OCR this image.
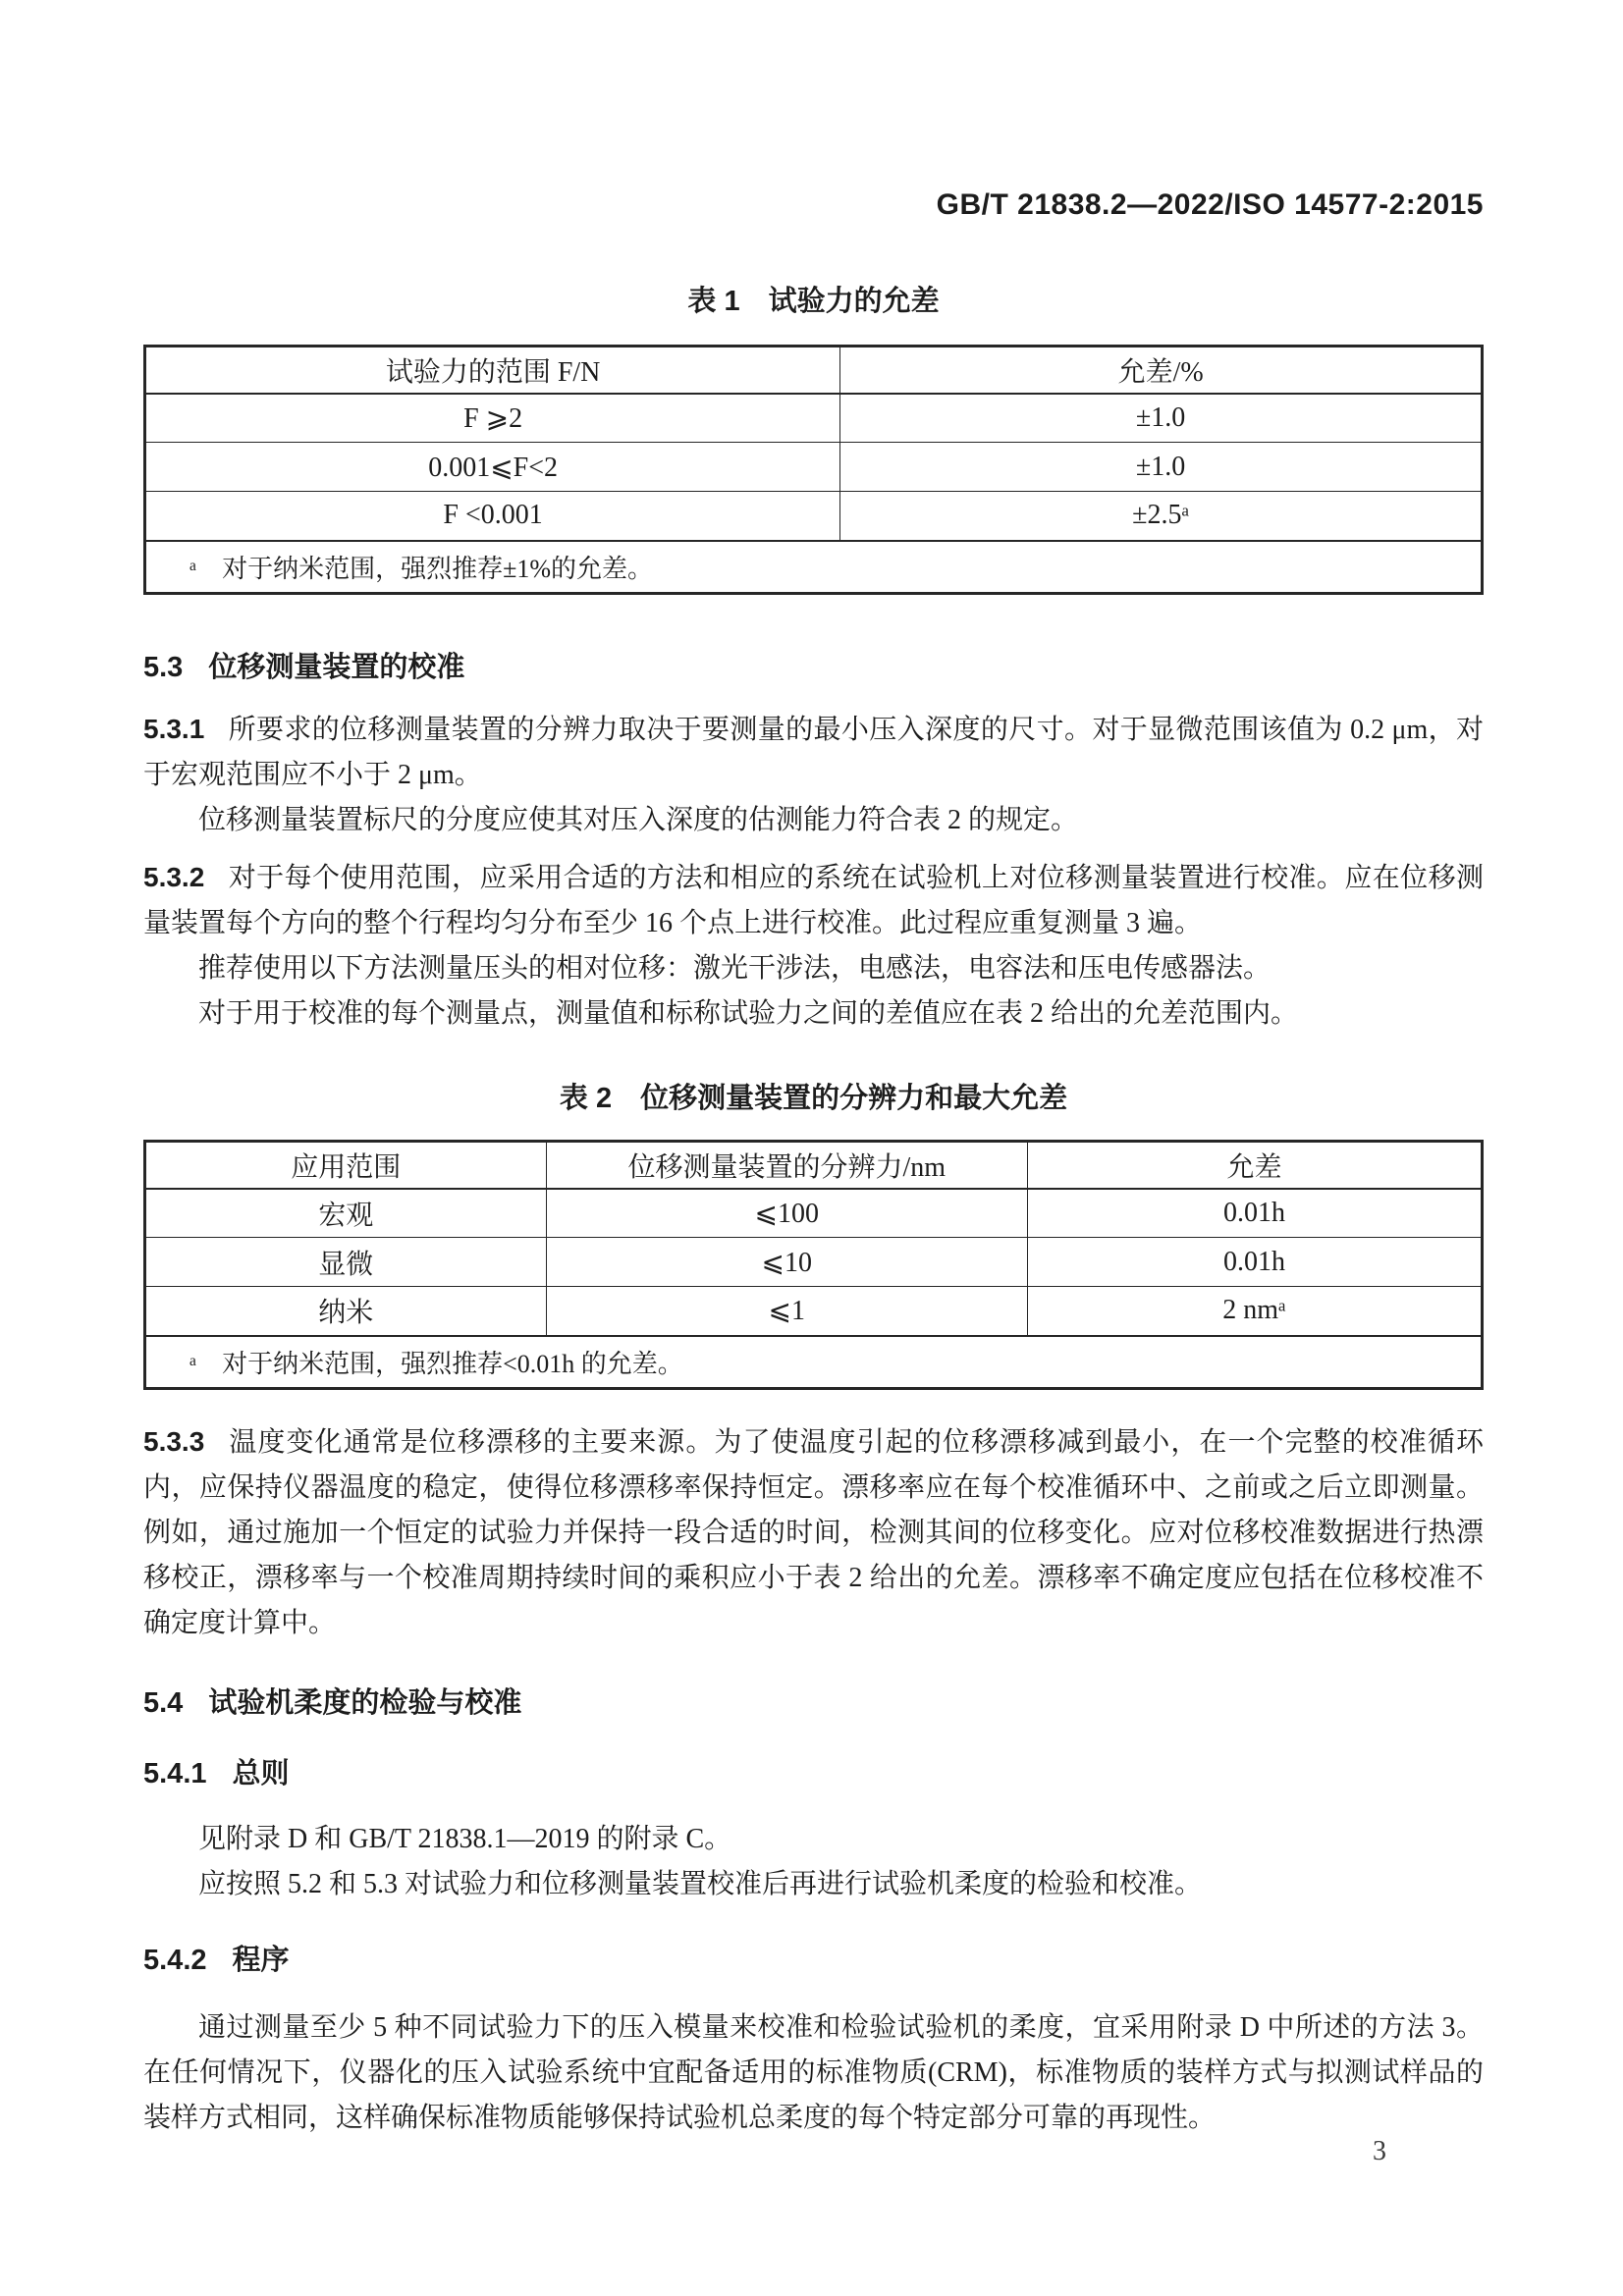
GB/T 21838.2—2022/ISO 14577-2:2015
表 1　试验力的允差
试验力的范围 F/N	允差/%
F ⩾2	±1.0
0.001⩽F<2	±1.0
F <0.001	±2.5ᵃ
ᵃ　对于纳米范围，强烈推荐±1%的允差。	
5.3 位移测量装置的校准

5.3.1 所要求的位移测量装置的分辨力取决于要测量的最小压入深度的尺寸。对于显微范围该值为 0.2 μm，对于宏观范围应不小于 2 μm。

位移测量装置标尺的分度应使其对压入深度的估测能力符合表 2 的规定。

5.3.2 对于每个使用范围，应采用合适的方法和相应的系统在试验机上对位移测量装置进行校准。应在位移测量装置每个方向的整个行程均匀分布至少 16 个点上进行校准。此过程应重复测量 3 遍。

推荐使用以下方法测量压头的相对位移：激光干涉法，电感法，电容法和压电传感器法。

对于用于校准的每个测量点，测量值和标称试验力之间的差值应在表 2 给出的允差范围内。

表 2　位移测量装置的分辨力和最大允差
应用范围	位移测量装置的分辨力/nm	允差
宏观	⩽100	0.01h
显微	⩽10	0.01h
纳米	⩽1	2 nmᵃ
ᵃ　对于纳米范围，强烈推荐<0.01h 的允差。		

5.3.3 温度变化通常是位移漂移的主要来源。为了使温度引起的位移漂移减到最小，在一个完整的校准循环内，应保持仪器温度的稳定，使得位移漂移率保持恒定。漂移率应在每个校准循环中、之前或之后立即测量。例如，通过施加一个恒定的试验力并保持一段合适的时间，检测其间的位移变化。应对位移校准数据进行热漂移校正，漂移率与一个校准周期持续时间的乘积应小于表 2 给出的允差。漂移率不确定度应包括在位移校准不确定度计算中。

5.4 试验机柔度的检验与校准
5.4.1 总则

见附录 D 和 GB/T 21838.1—2019 的附录 C。

应按照 5.2 和 5.3 对试验力和位移测量装置校准后再进行试验机柔度的检验和校准。

5.4.2 程序

通过测量至少 5 种不同试验力下的压入模量来校准和检验试验机的柔度，宜采用附录 D 中所述的方法 3。在任何情况下，仪器化的压入试验系统中宜配备适用的标准物质(CRM)，标准物质的装样方式与拟测试样品的装样方式相同，这样确保标准物质能够保持试验机总柔度的每个特定部分可靠的再现性。

3
